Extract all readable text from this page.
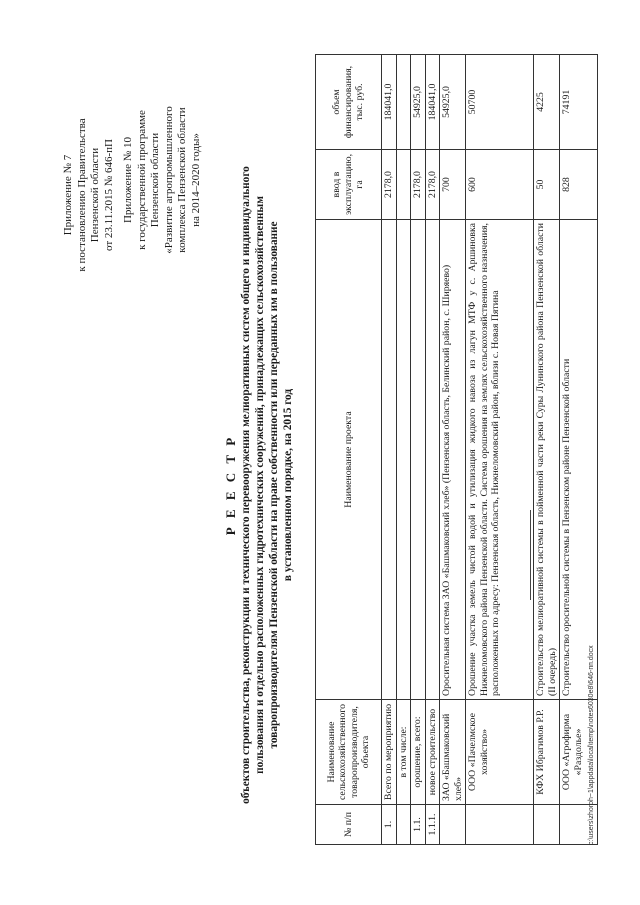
Приложение № 7 к постановлению Правительства Пензенской области от 23.11.2015 № 646-пП Приложение № 10 к государственной программе Пензенской области «Развитие агропромышленного комплекса Пензенской области на 2014–2020 годы»
Р Е Е С Т Р объектов строительства, реконструкции и технического перевооружения мелиоративных систем общего и индивидуального пользования и отдельно расположенных гидротехнических сооружений, принадлежащих сельскохозяйственным товаропроизводителям Пензенской области на праве собственности или переданных им в пользование в установленном порядке, на 2015 год
№ п/п	Наименование сельскохозяйственного товаропроизводителя, объекта	Наименование проекта	ввод в эксплуатацию, га	объем финансирования, тыс. руб.
1.	Всего по мероприятию		2178,0	184041,0
	в том числе:			
1.1.	орошение, всего:		2178,0	54925,0
1.1.1.	новое строительство		2178,0	184041,0
	ЗАО «Башмаковский хлеб»	Оросительная система ЗАО «Башмаковский хлеб» (Пензенская область, Белинский район, с. Ширяево)	700	54925,0
	ООО «Пачелмское хозяйство»	Орошение участка земель чистой водой и утилизация жидкого навоза из лагун МТФ у с. Аршиновка Нижнеломовского района Пензенской области. Система орошения на землях сельскохозяйственного назначения, расположенных по адресу: Пензенская область, Нижнеломовский район, вблизи с. Новая Пятина	600	50700
	КФХ Ибрагимов Р.Р.	Строительство мелиоративной системы в пойменной части реки Суры Лунинского района Пензенской области (II очередь)	50	4225
	ООО «Агрофирма «Раздолье»	Строительство оросительной системы в Пензенском районе Пензенской области	828	74191
c:\users\zhoroh~1\appdata\local\temp\notes6030e8\646-пп.docx
